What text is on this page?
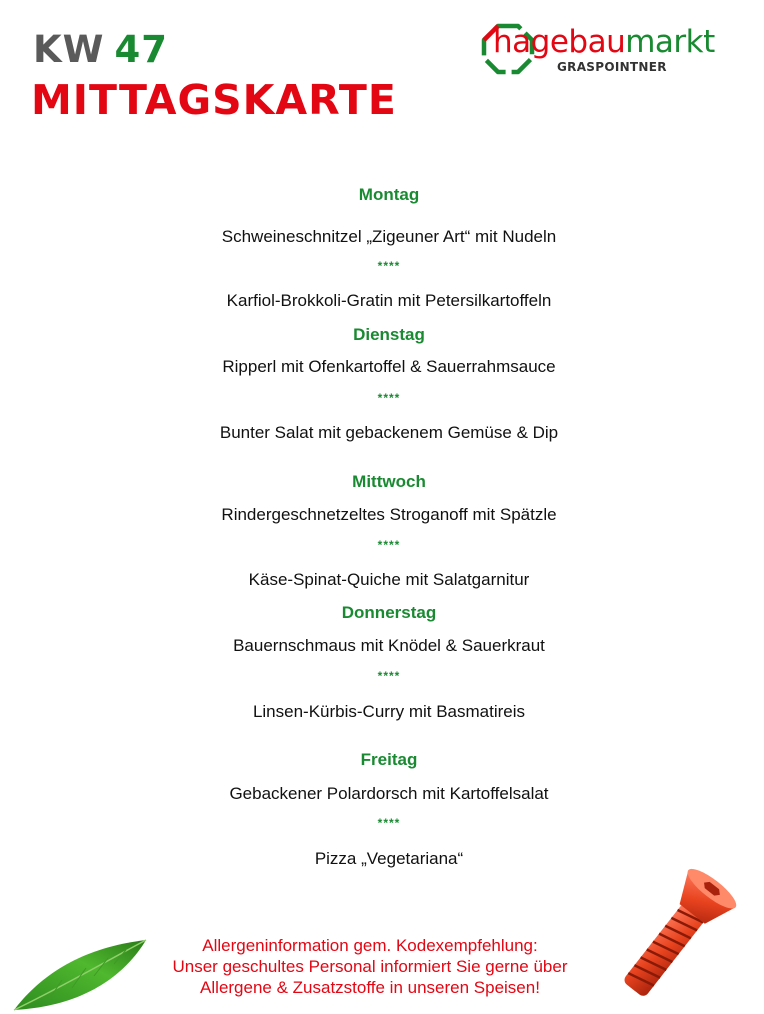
KW 47
MITTAGSKARTE
hagebaumarkt
GRASPOINTNER
Montag
Schweineschnitzel „Zigeuner Art“ mit Nudeln
****
Karfiol-Brokkoli-Gratin mit Petersilkartoffeln
Dienstag
Ripperl mit Ofenkartoffel & Sauerrahmsauce
****
Bunter Salat mit gebackenem Gemüse & Dip
Mittwoch
Rindergeschnetzeltes Stroganoff mit Spätzle
****
Käse-Spinat-Quiche mit Salatgarnitur
Donnerstag
Bauernschmaus mit Knödel & Sauerkraut
****
Linsen-Kürbis-Curry mit Basmatireis
Freitag
Gebackener Polardorsch mit Kartoffelsalat
****
Pizza „Vegetariana“
Allergeninformation gem. Kodexempfehlung:
Unser geschultes Personal informiert Sie gerne über
Allergene & Zusatzstoffe in unseren Speisen!
